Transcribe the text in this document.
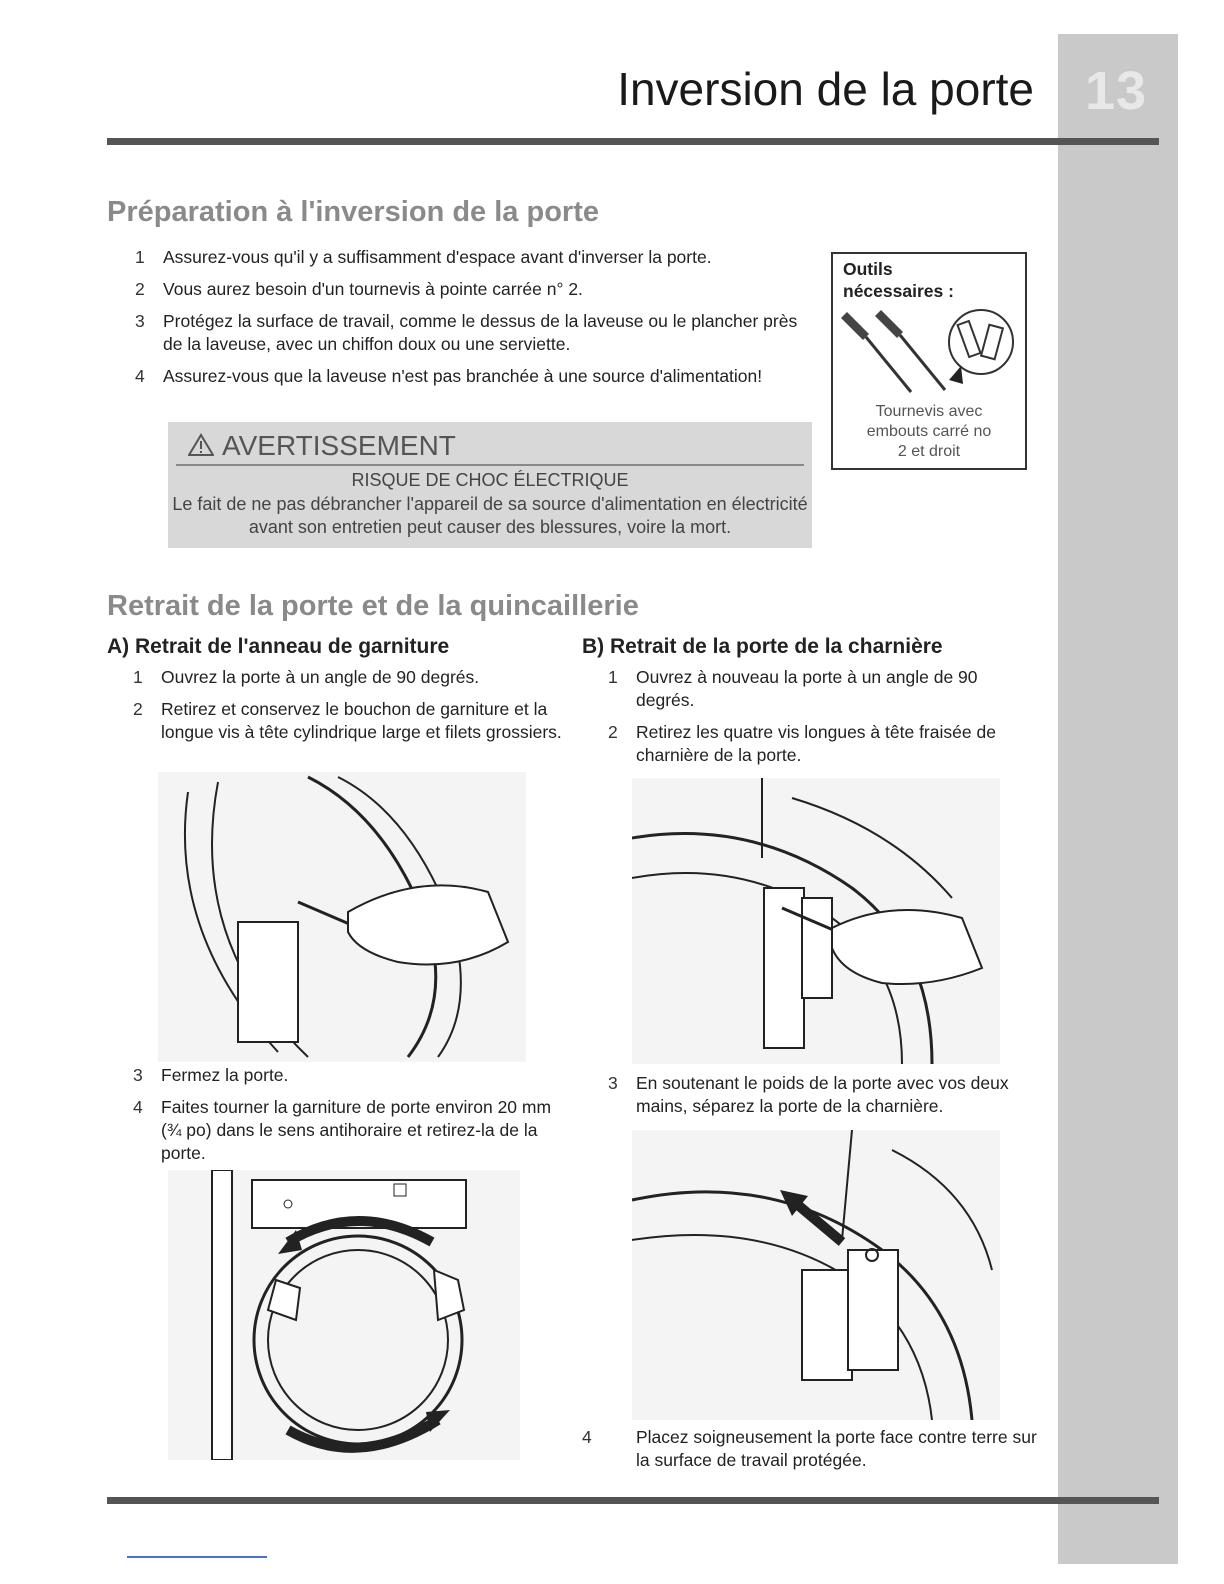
13
Inversion de la porte
Préparation à l'inversion de la porte
1	Assurez-vous qu'il y a suffisamment d'espace avant d'inverser la porte.
2	Vous aurez besoin d'un tournevis à pointe carrée n° 2.
3	Protégez la surface de travail, comme le dessus de la laveuse ou le plancher près de la laveuse, avec un chiffon doux ou une serviette.
4	Assurez-vous que la laveuse n'est pas branchée à une source d'alimentation!
AVERTISSEMENT
RISQUE DE CHOC ÉLECTRIQUE
Le fait de ne pas débrancher l'appareil de sa source d'alimentation en électricité avant son entretien peut causer des blessures, voire la mort.
Outils nécessaires :
Tournevis avec embouts carré no 2 et droit
Retrait de la porte et de la quincaillerie
A) Retrait de l'anneau de garniture
1	Ouvrez la porte à un angle de 90 degrés.
2	Retirez et conservez le bouchon de garniture et la longue vis à tête cylindrique large et filets grossiers.
3	Fermez la porte.
4	Faites tourner la garniture de porte environ 20 mm (¾ po) dans le sens antihoraire et retirez-la de la porte.
B) Retrait de la porte de la charnière
1	Ouvrez à nouveau la porte à un angle de 90 degrés.
2	Retirez les quatre vis longues à tête fraisée de charnière de la porte.
3	En soutenant le poids de la porte avec vos deux mains, séparez la porte de la charnière.
4	Placez soigneusement la porte face contre terre sur la surface de travail protégée.
